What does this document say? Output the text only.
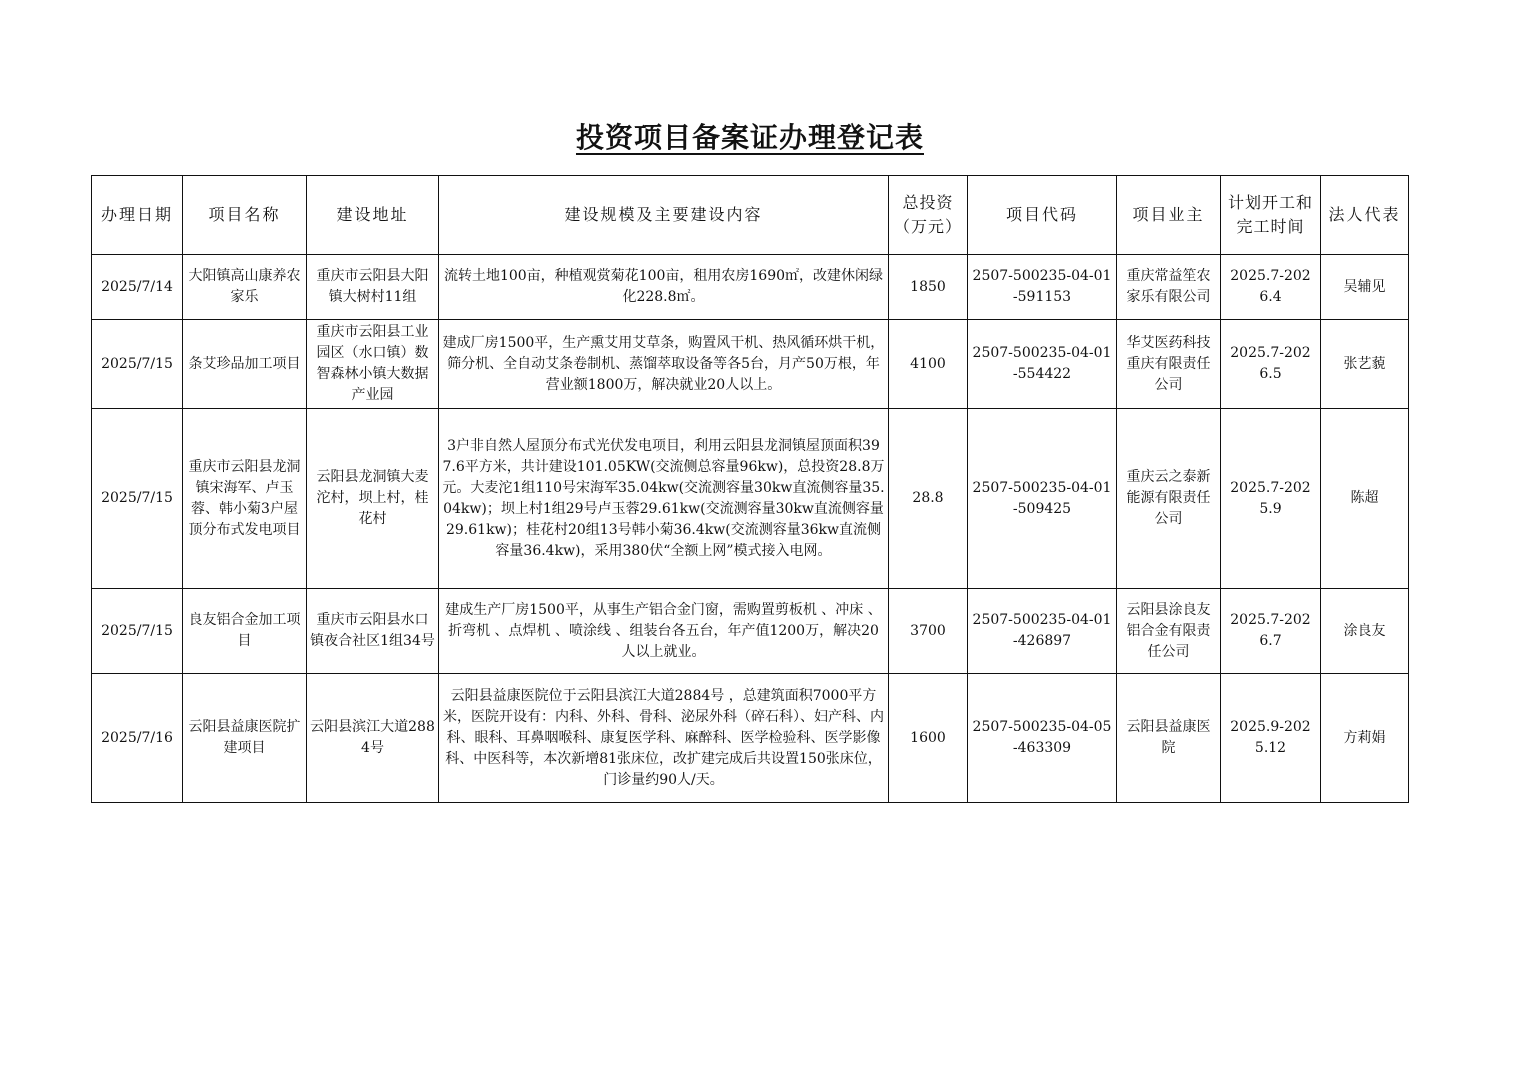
投资项目备案证办理登记表
办理日期	项目名称	建设地址	建设规模及主要建设内容	总投资（万元）	项目代码	项目业主	计划开工和完工时间	法人代表
2025/7/14	大阳镇高山康养农家乐	重庆市云阳县大阳镇大树村11组	流转土地100亩，种植观赏菊花100亩，租用农房1690㎡，改建休闲绿化228.8㎡。	1850	2507-500235-04-01-591153	重庆常益笙农家乐有限公司	2025.7-2026.4	吴辅见
2025/7/15	条艾珍品加工项目	重庆市云阳县工业园区（水口镇）数智森林小镇大数据产业园	建成厂房1500平，生产熏艾用艾草条，购置风干机、热风循环烘干机，筛分机、全自动艾条卷制机、蒸馏萃取设备等各5台，月产50万根，年营业额1800万，解决就业20人以上。	4100	2507-500235-04-01-554422	华艾医药科技重庆有限责任公司	2025.7-2026.5	张艺藐
2025/7/15	重庆市云阳县龙洞镇宋海军、卢玉蓉、韩小菊3户屋顶分布式发电项目	云阳县龙洞镇大麦沱村，坝上村，桂花村	3户非自然人屋顶分布式光伏发电项目，利用云阳县龙洞镇屋顶面积397.6平方米，共计建设101.05KW(交流侧总容量96kw)，总投资28.8万元。大麦沱1组110号宋海军35.04kw(交流测容量30kw直流侧容量35.04kw)；坝上村1组29号卢玉蓉29.61kw(交流测容量30kw直流侧容量29.61kw)；桂花村20组13号韩小菊36.4kw(交流测容量36kw直流侧容量36.4kw)，采用380伏“全额上网”模式接入电网。	28.8	2507-500235-04-01-509425	重庆云之泰新能源有限责任公司	2025.7-2025.9	陈超
2025/7/15	良友铝合金加工项目	重庆市云阳县水口镇夜合社区1组34号	建成生产厂房1500平，从事生产铝合金门窗，需购置剪板机 、冲床 、折弯机 、点焊机 、喷涂线 、组装台各五台，年产值1200万，解决20人以上就业。	3700	2507-500235-04-01-426897	云阳县涂良友铝合金有限责任公司	2025.7-2026.7	涂良友
2025/7/16	云阳县益康医院扩建项目	云阳县滨江大道2884号	云阳县益康医院位于云阳县滨江大道2884号 ，总建筑面积7000平方米，医院开设有：内科、外科、骨科、泌尿外科（碎石科）、妇产科、内科、眼科、耳鼻咽喉科、康复医学科、麻醉科、医学检验科、医学影像科、中医科等，本次新增81张床位，改扩建完成后共设置150张床位，门诊量约90人/天。	1600	2507-500235-04-05-463309	云阳县益康医院	2025.9-2025.12	方莉娟
